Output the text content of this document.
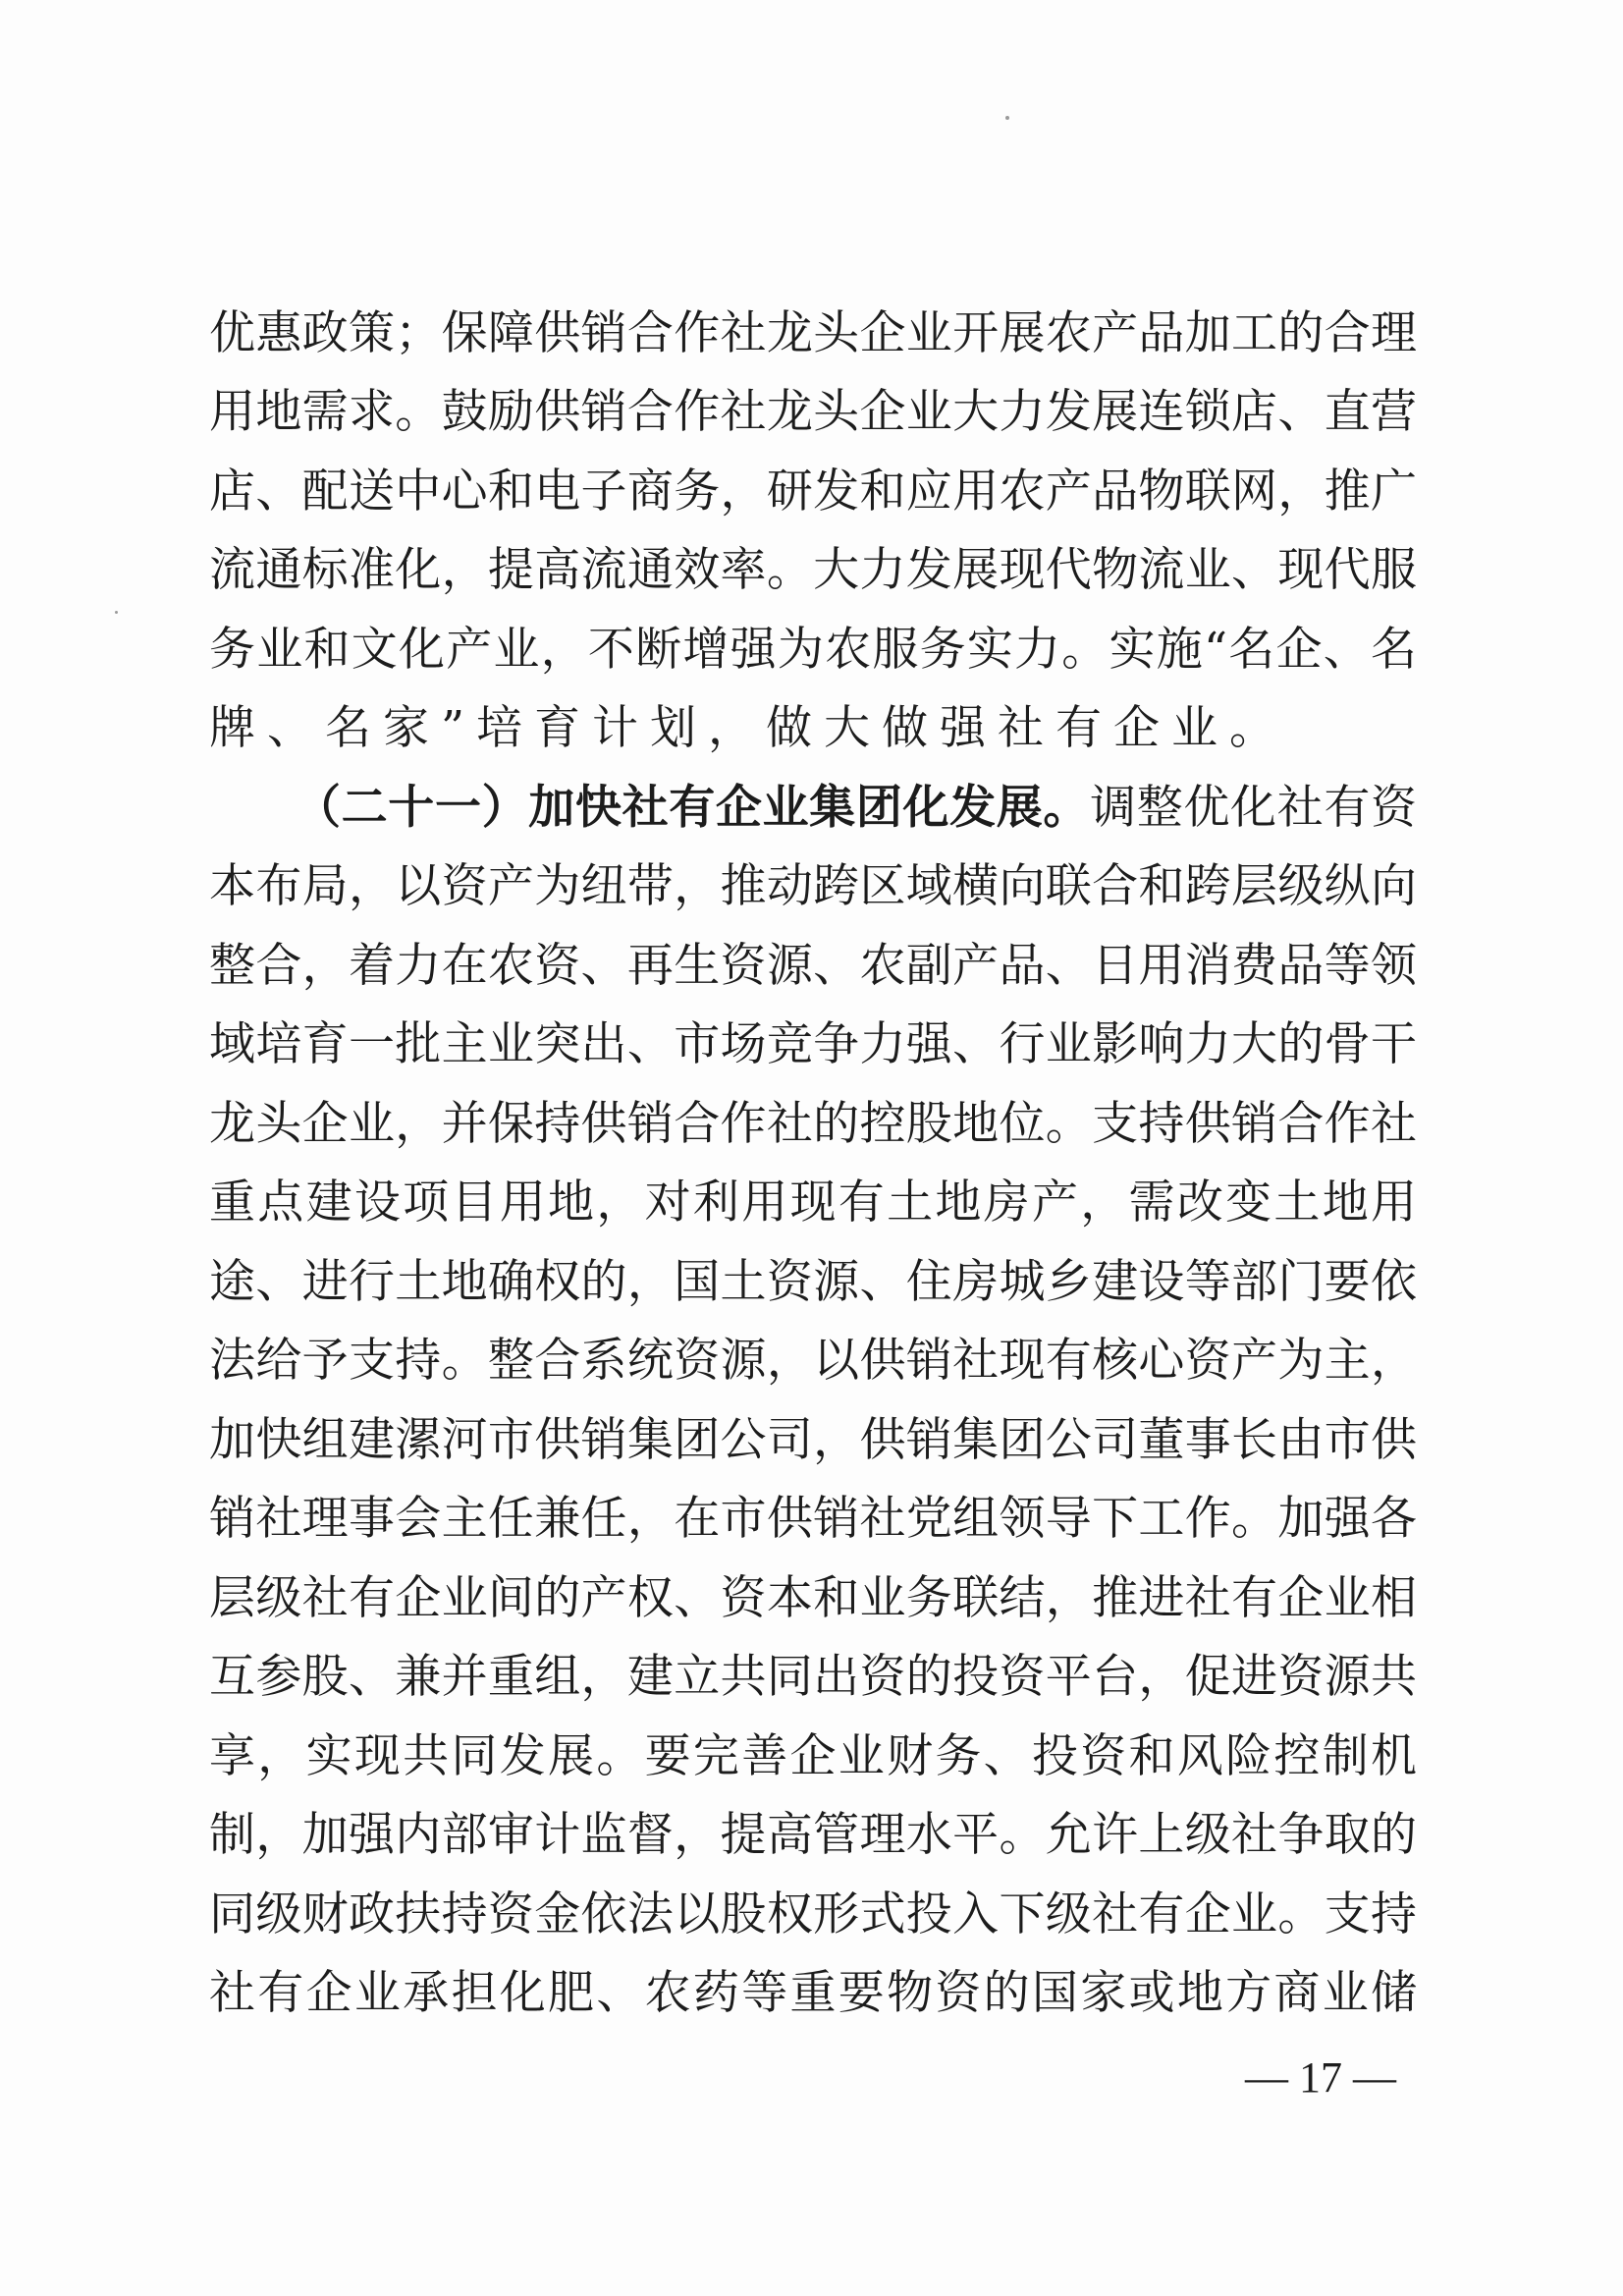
优惠政策；保障供销合作社龙头企业开展农产品加工的合理
用地需求。鼓励供销合作社龙头企业大力发展连锁店、直营
店、配送中心和电子商务，研发和应用农产品物联网，推广
流通标准化，提高流通效率。大力发展现代物流业、现代服
务业和文化产业，不断增强为农服务实力。实施“名企、名
牌、名家”培育计划，做大做强社有企业。
（二十一）加快社有企业集团化发展。调整优化社有资
本布局，以资产为纽带，推动跨区域横向联合和跨层级纵向
整合，着力在农资、再生资源、农副产品、日用消费品等领
域培育一批主业突出、市场竞争力强、行业影响力大的骨干
龙头企业，并保持供销合作社的控股地位。支持供销合作社
重点建设项目用地，对利用现有土地房产，需改变土地用
途、进行土地确权的，国土资源、住房城乡建设等部门要依
法给予支持。整合系统资源，以供销社现有核心资产为主，
加快组建漯河市供销集团公司，供销集团公司董事长由市供
销社理事会主任兼任，在市供销社党组领导下工作。加强各
层级社有企业间的产权、资本和业务联结，推进社有企业相
互参股、兼并重组，建立共同出资的投资平台，促进资源共
享，实现共同发展。要完善企业财务、投资和风险控制机
制，加强内部审计监督，提高管理水平。允许上级社争取的
同级财政扶持资金依法以股权形式投入下级社有企业。支持
社有企业承担化肥、农药等重要物资的国家或地方商业储
— 17 —
